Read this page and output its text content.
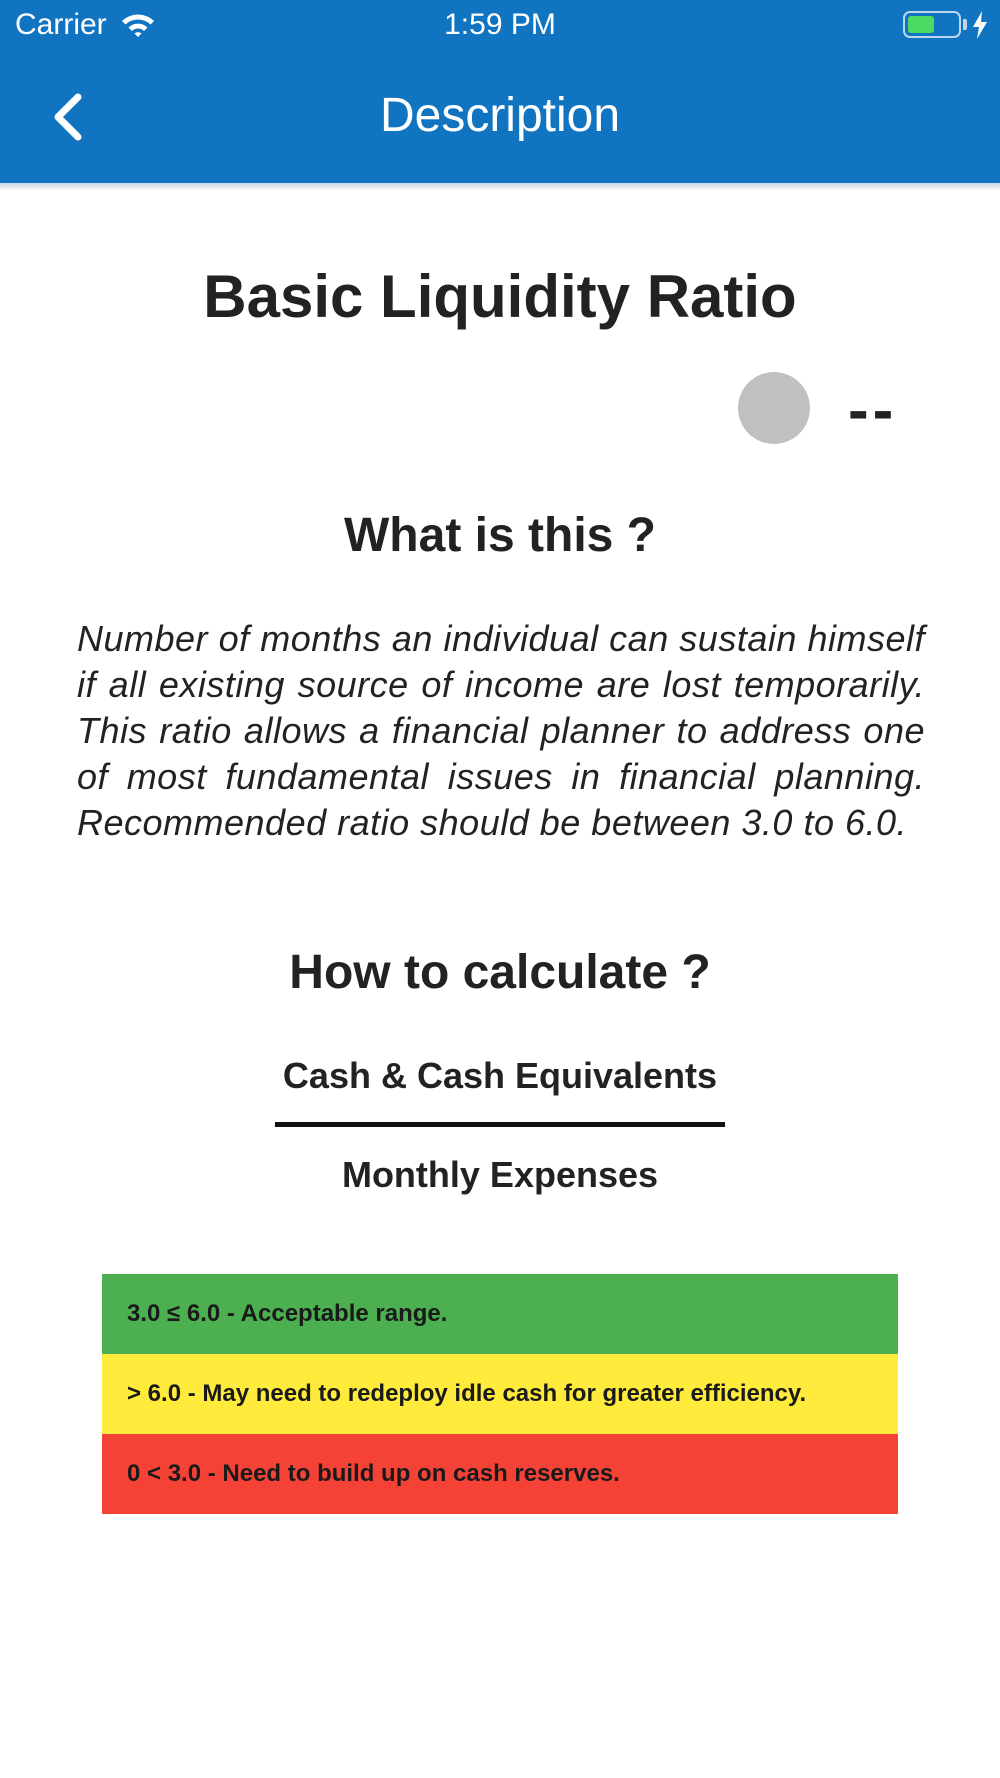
Carrier	1:59 PM
Description
Basic Liquidity Ratio
--
What is this ?

Number of months an individual can sustain himself if all existing source of income are lost temporarily. This ratio allows a financial planner to address one of most fundamental issues in financial planning. Recommended ratio should be between 3.0 to 6.0.

How to calculate ?
Cash & Cash Equivalents
Monthly Expenses
3.0 ≤ 6.0 - Acceptable range.
> 6.0 - May need to redeploy idle cash for greater efficiency.
0 < 3.0 - Need to build up on cash reserves.
